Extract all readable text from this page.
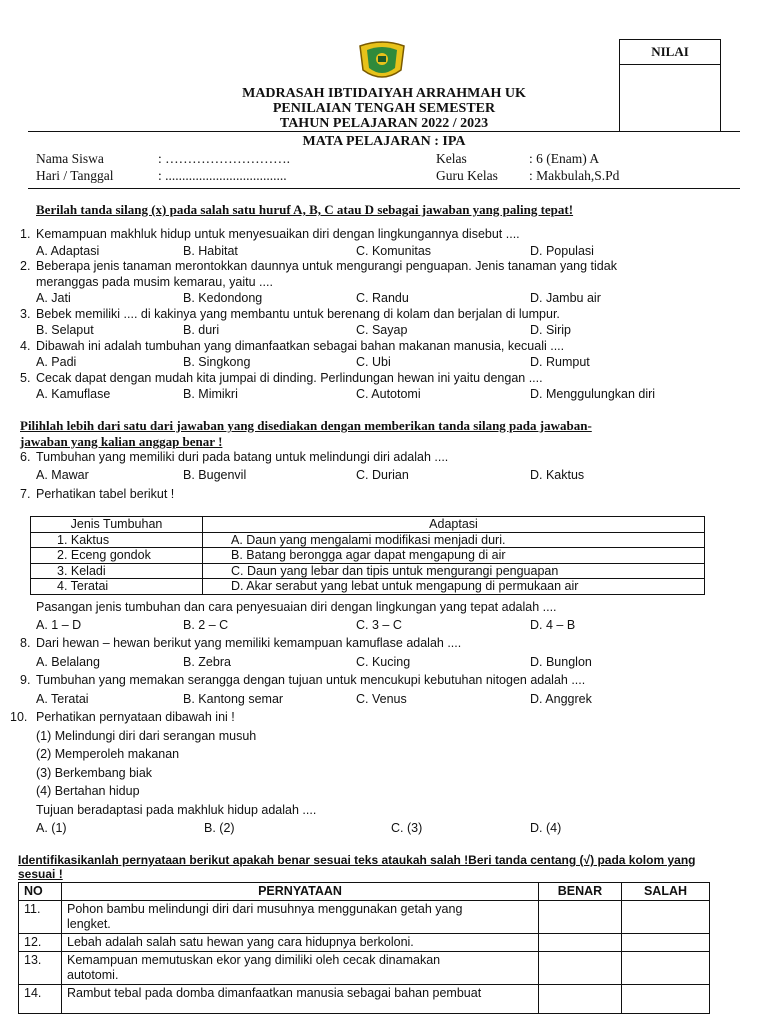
NILAI
MADRASAH IBTIDAIYAH ARRAHMAH UK
PENILAIAN TENGAH SEMESTER
TAHUN PELAJARAN 2022 / 2023
MATA PELAJARAN : IPA
Nama Siswa	: ……………………….	Kelas	: 6 (Enam) A
Hari / Tanggal	: ....................................	Guru Kelas : Makbulah,S.Pd
Berilah tanda silang (x) pada salah satu huruf A, B, C atau D sebagai jawaban yang paling tepat!
1. Kemampuan makhluk hidup untuk menyesuaikan diri dengan lingkungannya disebut ....
A. Adaptasi	B. Habitat	C. Komunitas	D. Populasi
2. Beberapa jenis tanaman merontokkan daunnya untuk mengurangi penguapan. Jenis tanaman yang tidak
meranggas pada musim kemarau, yaitu ....
A. Jati	B. Kedondong	C. Randu	D. Jambu air
3. Bebek memiliki .... di kakinya yang membantu untuk berenang di kolam dan berjalan di lumpur.
B. Selaput	B. duri	C. Sayap	D. Sirip
4. Dibawah ini adalah tumbuhan yang dimanfaatkan sebagai bahan makanan manusia, kecuali ....
A. Padi	B. Singkong	C. Ubi	D. Rumput
5. Cecak dapat dengan mudah kita jumpai di dinding. Perlindungan hewan ini yaitu dengan ....
A. Kamuflase	B. Mimikri	C. Autotomi	D. Menggulungkan diri
Pilihlah lebih dari satu dari jawaban yang disediakan dengan memberikan tanda silang pada jawaban-
jawaban yang kalian anggap benar !
6. Tumbuhan yang memiliki duri pada batang untuk melindungi diri adalah ....
A. Mawar	B. Bugenvil	C. Durian	D. Kaktus
7. Perhatikan tabel berikut !
Jenis Tumbuhan	Adaptasi
1. Kaktus	A. Daun yang mengalami modifikasi menjadi duri.
2. Eceng gondok	B. Batang berongga agar dapat mengapung di air
3. Keladi	C. Daun yang lebar dan tipis untuk mengurangi penguapan
4. Teratai	D. Akar serabut yang lebat untuk mengapung di permukaan air
Pasangan jenis tumbuhan dan cara penyesuaian diri dengan lingkungan yang tepat adalah ....
A. 1 – D	B. 2 – C	C. 3 – C	D. 4 – B
8. Dari hewan – hewan berikut yang memiliki kemampuan kamuflase adalah ....
A. Belalang	B. Zebra	C. Kucing	D. Bunglon
9. Tumbuhan yang memakan serangga dengan tujuan untuk mencukupi kebutuhan nitogen adalah ....
A. Teratai	B. Kantong semar	C. Venus	D. Anggrek
10. Perhatikan pernyataan dibawah ini !
(1) Melindungi diri dari serangan musuh
(2) Memperoleh makanan
(3) Berkembang biak
(4) Bertahan hidup
Tujuan beradaptasi pada makhluk hidup adalah ....
A. (1)	B. (2)	C. (3)	D. (4)
Identifikasikanlah pernyataan berikut apakah benar sesuai teks ataukah salah !Beri tanda centang (√) pada kolom yang
sesuai !
NO	PERNYATAAN	BENAR	SALAH
11.	Pohon bambu melindungi diri dari musuhnya menggunakan getah yang
lengket.		

12.	Lebah adalah salah satu hewan yang cara hidupnya berkoloni.		

13.	Kemampuan memutuskan ekor yang dimiliki oleh cecak dinamakan
autotomi.		

14.	Rambut tebal pada domba dimanfaatkan manusia sebagai bahan pembuat		
